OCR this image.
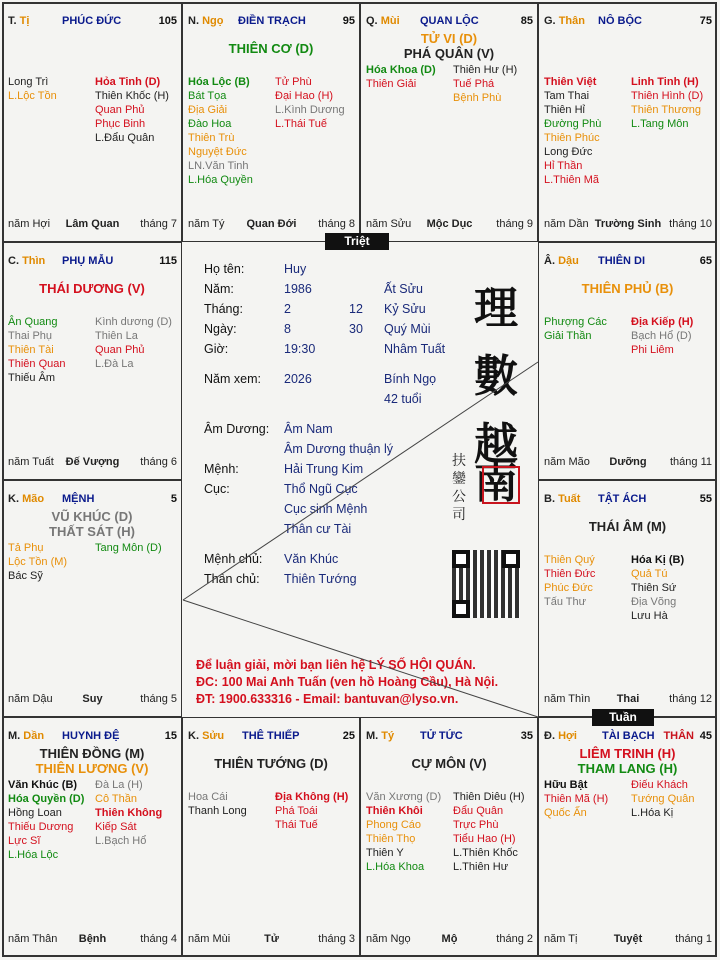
T. Tị	PHÚC ĐỨC	105
Long Trì
L.Lộc Tồn
Hỏa Tinh (D)
Thiên Khốc (H)
Quan Phủ
Phục Binh
L.Đẩu Quân
năm Hợi	Lâm Quan	tháng 7
N. Ngọ ĐIỀN TRẠCH	95
THIÊN CƠ (D)
Hóa Lộc (B)
Bát Tọa
Địa Giải
Đào Hoa
Thiên Trù
Nguyệt Đức
LN.Văn Tinh
L.Hóa Quyền
Tử Phù
Đại Hao (H)
L.Kình Dương
L.Thái Tuế
năm Tý	Quan Đới	tháng 8
Q. Mùi QUAN LỘC	85
TỬ VI (D)
PHÁ QUÂN (V)
Hóa Khoa (D)
Thiên Giải
Thiên Hư (H)
Tuế Phá
Bệnh Phù
năm Sửu	Mộc Dục	tháng 9
G. Thân NÔ BỘC	75
Thiên Việt
Tam Thai
Thiên Hỉ
Đường Phù
Thiên Phúc
Long Đức
Hỉ Thần
L.Thiên Mã
Linh Tinh (H)
Thiên Hình (D)
Thiên Thương
L.Tang Môn
năm Dần Trường Sinh tháng 10
C. Thìn PHỤ MẪU	115
THÁI DƯƠNG (V)
Ân Quang
Thai Phụ
Thiên Tài
Thiên Quan
Thiếu Âm
Kình dương (D)
Thiên La
Quan Phủ
L.Đà La
năm Tuất	Đế Vượng	tháng 6
Â. Dậu THIÊN DI	65
THIÊN PHỦ (B)
Phượng Các
Giải Thần
Địa Kiếp (H)
Bạch Hổ (D)
Phi Liêm
năm Mão	Dưỡng	tháng 11
K. Mão MỆNH	5
VŨ KHÚC (D)
THẤT SÁT (H)
Tả Phụ
Lộc Tồn (M)
Bác Sỹ
Tang Môn (D)
năm Dậu	Suy	tháng 5
B. Tuất TẬT ÁCH	55
THÁI ÂM (M)
Thiên Quý
Thiên Đức
Phúc Đức
Tấu Thư
Hóa Kị (B)
Quả Tú
Thiên Sứ
Địa Võng
Lưu Hà
năm Thìn	Thai	tháng 12
M. Dần HUYNH ĐỆ	15
THIÊN ĐỒNG (M)
THIÊN LƯƠNG (V)
Văn Khúc (B)
Hóa Quyền (D)
Hồng Loan
Thiếu Dương
Lực Sĩ
L.Hóa Lộc
Đà La (H)
Cô Thần
Thiên Không
Kiếp Sát
L.Bạch Hổ
năm Thân	Bệnh	tháng 4
K. Sửu THÊ THIẾP	25
THIÊN TƯỚNG (D)
Hoa Cái
Thanh Long
Địa Không (H)
Phá Toái
Thái Tuế
năm Mùi	Tử	tháng 3
M. Tý TỬ TỨC	35
CỰ MÔN (V)
Văn Xương (D)
Thiên Khôi
Phong Cáo
Thiên Thọ
Thiên Y
L.Hóa Khoa
Thiên Diêu (H)
Đẩu Quân
Trực Phù
Tiểu Hao (H)
L.Thiên Khốc
L.Thiên Hư
năm Ngọ	Mộ	tháng 2
Đ. Hợi TÀI BẠCH THÂN 45
LIÊM TRINH (H)
THAM LANG (H)
Hữu Bật
Thiên Mã (H)
Quốc Ấn
Điếu Khách
Tướng Quân
L.Hóa Kị
năm Tị	Tuyệt	tháng 1
Họ tên:	Huy
Năm:	1986	Ất Sửu
Tháng:	2	12 Kỷ Sửu
Ngày:	8	30 Quý Mùi
Giờ:	19:30	Nhâm Tuất
Năm xem: 2026	Bính Ngọ
42 tuổi
Âm Dương: Âm Nam
Âm Dương thuận lý
Mệnh:	Hải Trung Kim
Cục:	Thổ Ngũ Cục
Cục sinh Mệnh
Thân cư Tài
Mệnh chủ: Văn Khúc
Thân chủ: Thiên Tướng
理
數
越
南
扶
鑾
公
司
Để luận giải, mời bạn liên hệ LÝ SỐ HỘI QUÁN.
ĐC: 100 Mai Anh Tuấn (ven hồ Hoàng Cầu), Hà Nội.
ĐT: 1900.633316 - Email: bantuvan@lyso.vn.
Triệt
Tuần
